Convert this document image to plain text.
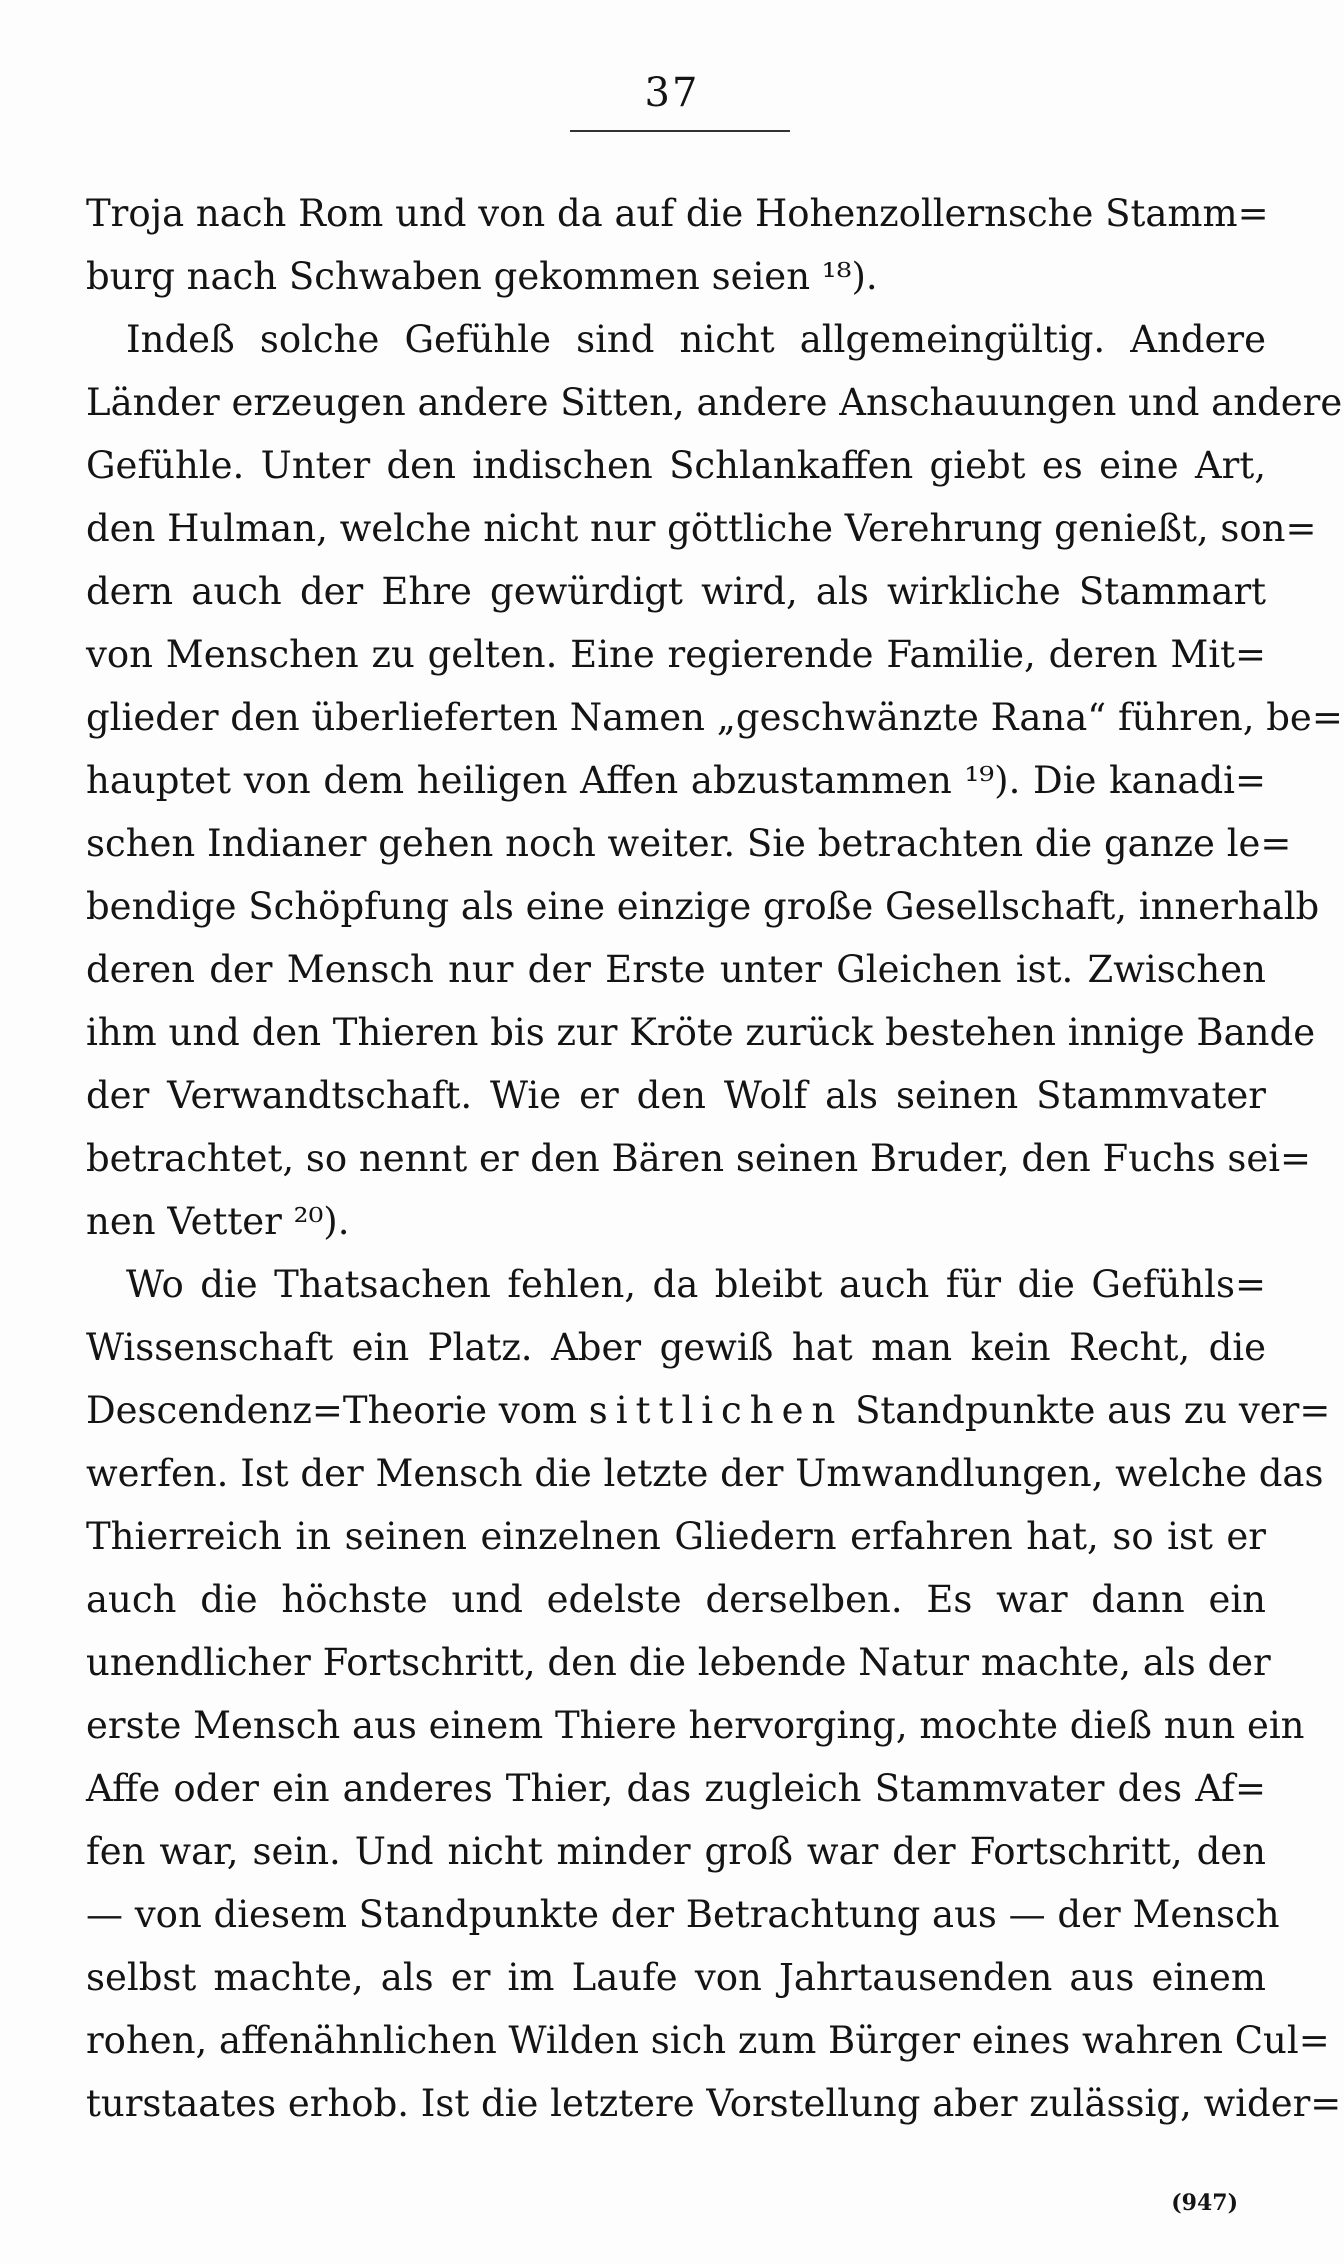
37
Troja nach Rom und von da auf die Hohenzollernsche Stamm=
burg nach Schwaben gekommen seien ¹⁸).
Indeß solche Gefühle sind nicht allgemeingültig. Andere
Länder erzeugen andere Sitten, andere Anschauungen und andere
Gefühle. Unter den indischen Schlankaffen giebt es eine Art,
den Hulman, welche nicht nur göttliche Verehrung genießt, son=
dern auch der Ehre gewürdigt wird, als wirkliche Stammart
von Menschen zu gelten. Eine regierende Familie, deren Mit=
glieder den überlieferten Namen „geschwänzte Rana“ führen, be=
hauptet von dem heiligen Affen abzustammen ¹⁹). Die kanadi=
schen Indianer gehen noch weiter. Sie betrachten die ganze le=
bendige Schöpfung als eine einzige große Gesellschaft, innerhalb
deren der Mensch nur der Erste unter Gleichen ist. Zwischen
ihm und den Thieren bis zur Kröte zurück bestehen innige Bande
der Verwandtschaft. Wie er den Wolf als seinen Stammvater
betrachtet, so nennt er den Bären seinen Bruder, den Fuchs sei=
nen Vetter ²⁰).
Wo die Thatsachen fehlen, da bleibt auch für die Gefühls=
Wissenschaft ein Platz. Aber gewiß hat man kein Recht, die
Descendenz=Theorie vom sittlichen Standpunkte aus zu ver=
werfen. Ist der Mensch die letzte der Umwandlungen, welche das
Thierreich in seinen einzelnen Gliedern erfahren hat, so ist er
auch die höchste und edelste derselben. Es war dann ein
unendlicher Fortschritt, den die lebende Natur machte, als der
erste Mensch aus einem Thiere hervorging, mochte dieß nun ein
Affe oder ein anderes Thier, das zugleich Stammvater des Af=
fen war, sein. Und nicht minder groß war der Fortschritt, den
— von diesem Standpunkte der Betrachtung aus — der Mensch
selbst machte, als er im Laufe von Jahrtausenden aus einem
rohen, affenähnlichen Wilden sich zum Bürger eines wahren Cul=
turstaates erhob. Ist die letztere Vorstellung aber zulässig, wider=
(947)
